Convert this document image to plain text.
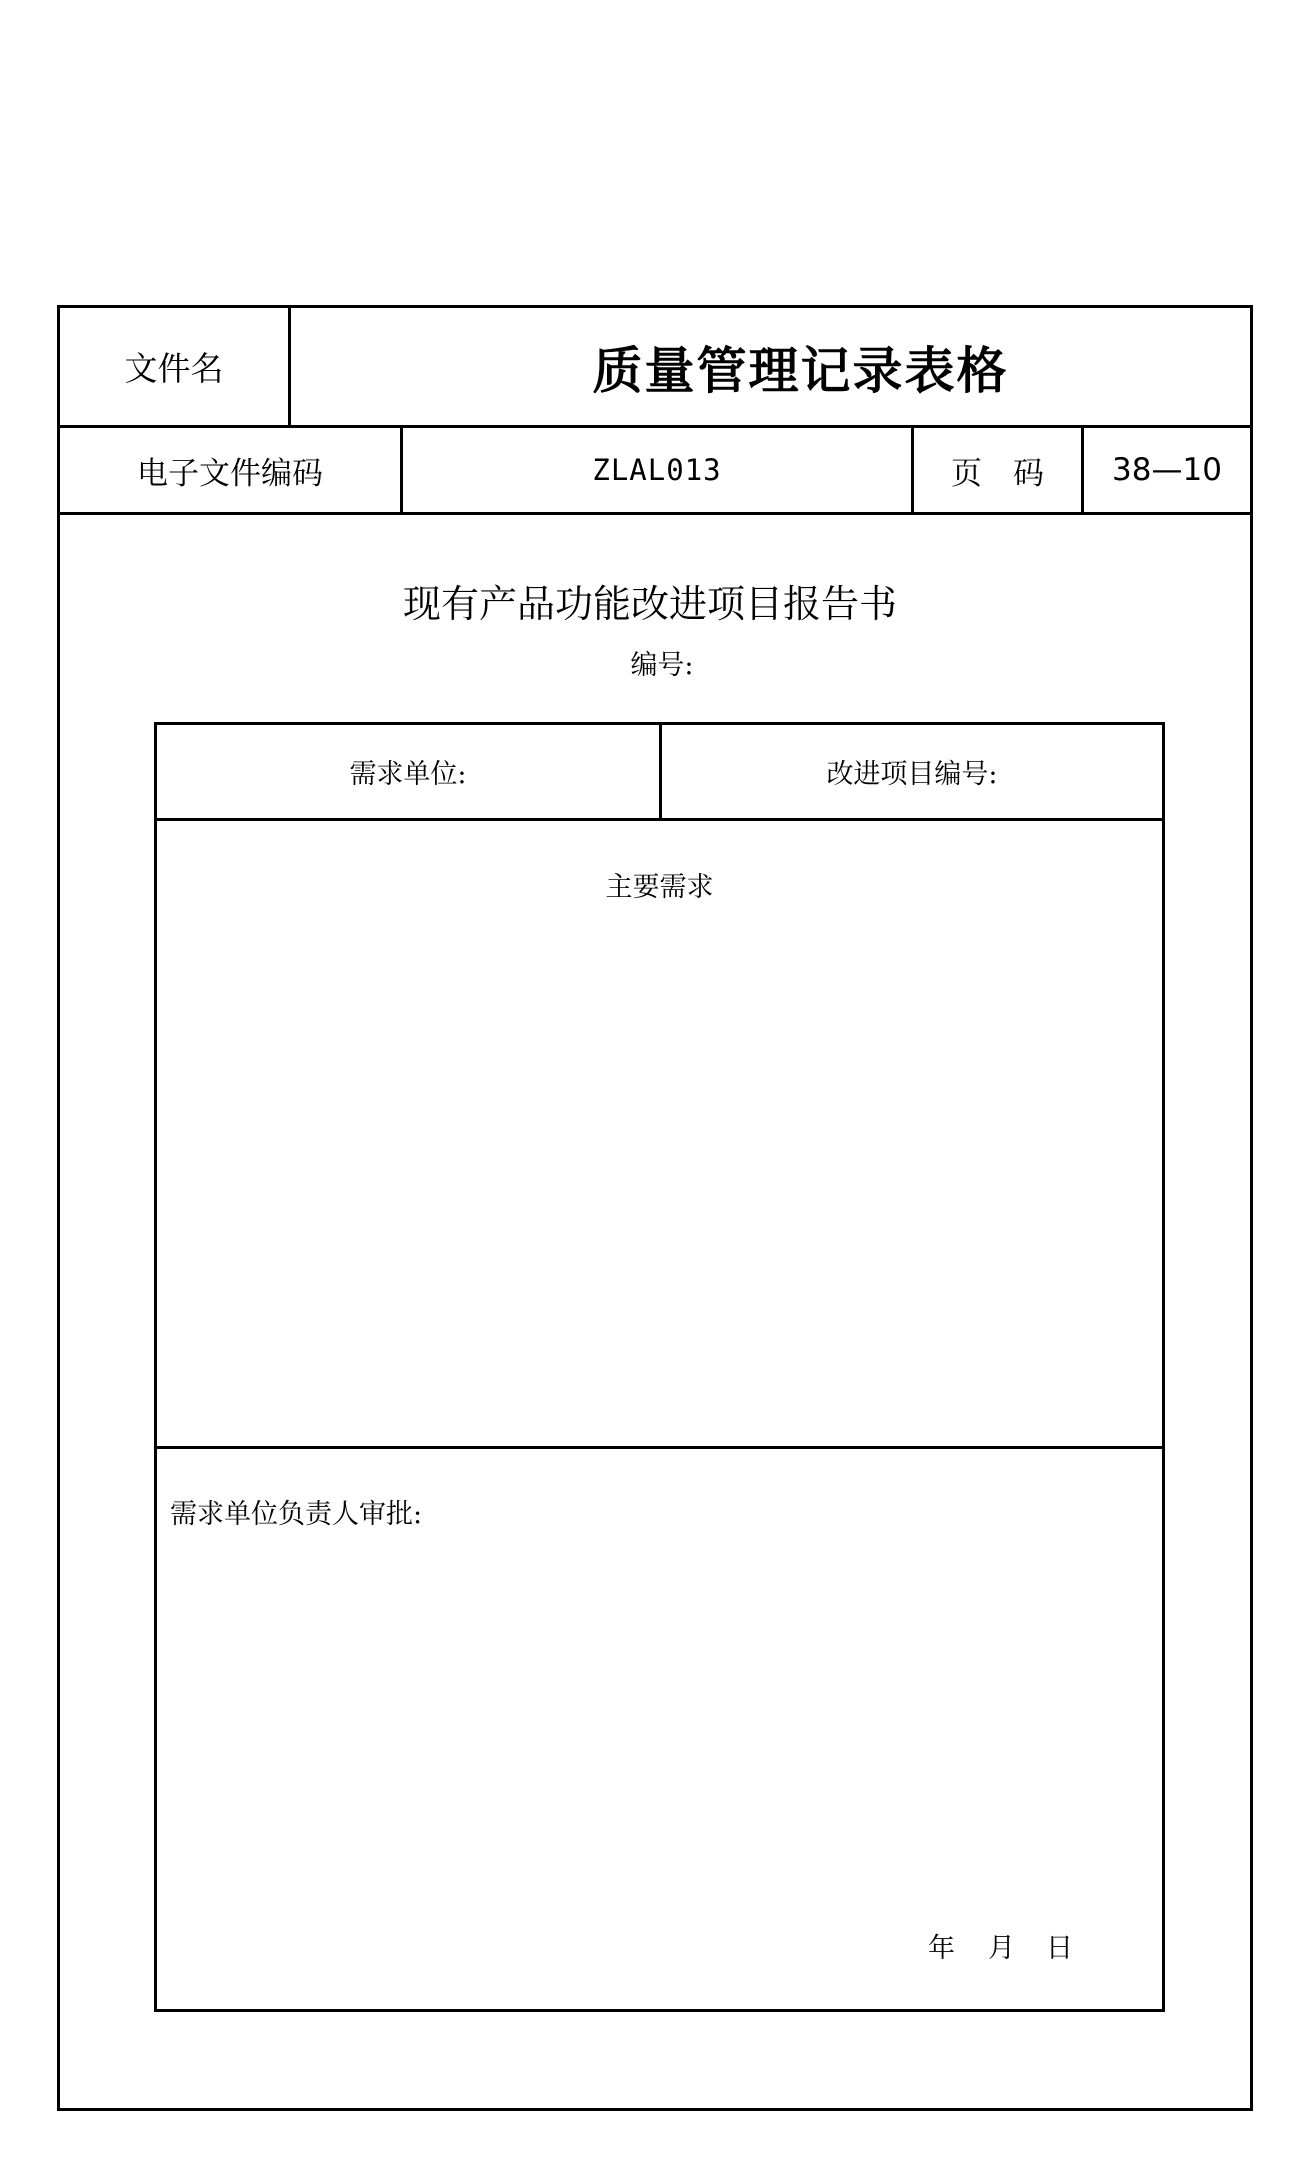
文件名	质量管理记录表格
电子文件编码	ZLAL013	页　码	38—10
现有产品功能改进项目报告书
编号:
需求单位:	改进项目编号:
主要需求
需求单位负责人审批:
年 月 日
